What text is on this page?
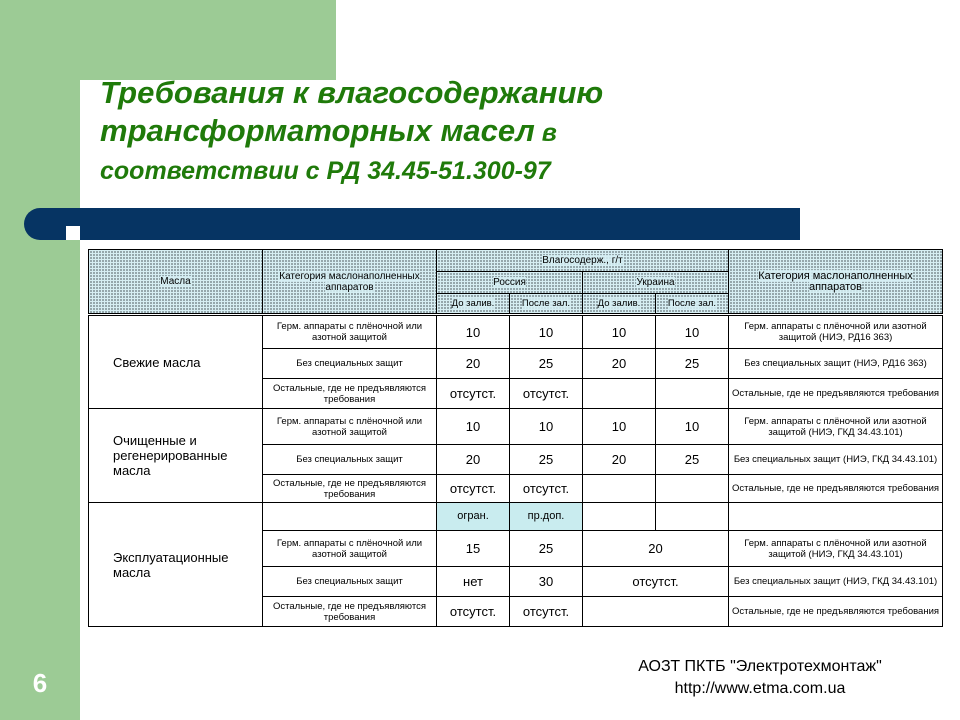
Требования к влагосодержанию
трансформаторных масел в
соответствии с РД 34.45-51.300-97
Масла	Категория маслонаполненных аппаратов	Влагосодерж., г/т				Категория маслонаполненных аппаратов
		Россия		Украина		
		До залив.	После зал.	До залив.	После зал.	

Свежие масла	Герм. аппараты с плёночной или азотной защитой	10	10	10	10	Герм. аппараты с плёночной или азотной защитой (НИЭ, РД16 363)
	Без специальных защит	20	25	20	25	Без специальных защит (НИЭ, РД16 363)
	Остальные, где не предъявляются требования	отсутст.	отсутст.			Остальные, где не предъявляются требования
Очищенные и регенерированные масла	Герм. аппараты с плёночной или азотной защитой	10	10	10	10	Герм. аппараты с плёночной или азотной защитой (НИЭ, ГКД 34.43.101)
	Без специальных защит	20	25	20	25	Без специальных защит (НИЭ, ГКД 34.43.101)
	Остальные, где не предъявляются требования	отсутст.	отсутст.			Остальные, где не предъявляются требования
Эксплуатационные масла		огран.	пр.доп.			
	Герм. аппараты с плёночной или азотной защитой	15	25	20		Герм. аппараты с плёночной или азотной защитой (НИЭ, ГКД 34.43.101)
	Без специальных защит	нет	30	отсутст.		Без специальных защит (НИЭ, ГКД 34.43.101)
	Остальные, где не предъявляются требования	отсутст.	отсутст.			Остальные, где не предъявляются требования
6
АОЗТ ПКТБ "Электротехмонтаж"
http://www.etma.com.ua
